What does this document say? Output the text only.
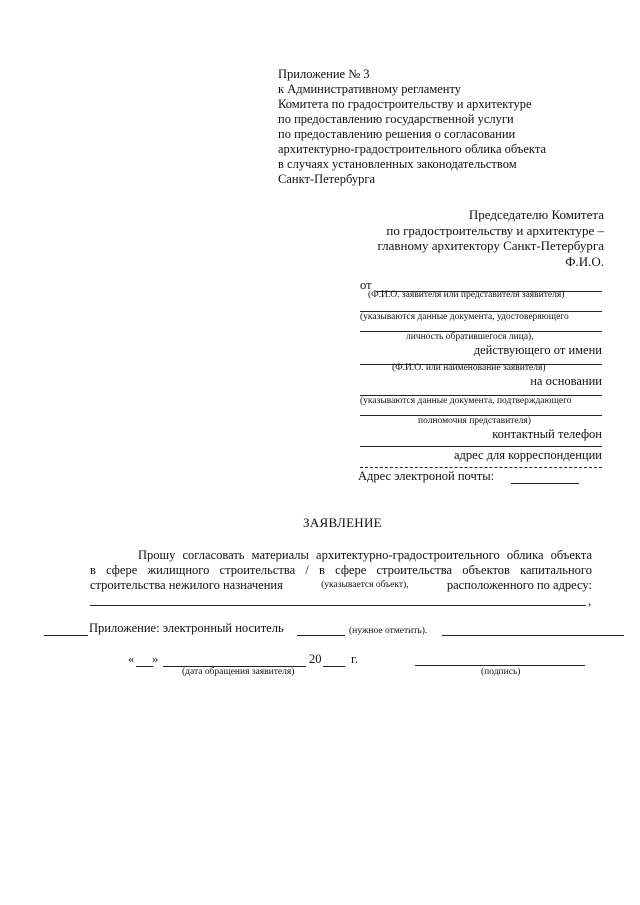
Приложение № 3
к Административному регламенту
Комитета по градостроительству и архитектуре
по предоставлению государственной услуги
по предоставлению решения о согласовании
архитектурно-градостроительного облика объекта
в случаях установленных законодательством
Санкт-Петербурга
Председателю Комитета
по градостроительству и архитектуре –
главному архитектору Санкт-Петербурга
Ф.И.О.
от
(Ф.И.О. заявителя или представителя заявителя)
(указываются данные документа, удостоверяющего
личность обратившегося лица),
действующего от имени
(Ф.И.О. или наименование заявителя)
на основании
(указываются данные документа, подтверждающего
полномочия представителя)
контактный телефон
адрес для корреспонденции
Адрес электроной почты:
ЗАЯВЛЕНИЕ
Прошу согласовать материалы архитектурно-градостроительного облика объекта
в сфере жилищного строительства / в сфере строительства объектов капитального
строительства нежилого назначения	(указывается объект),	расположенного по адресу:
,
Приложение: электронный носитель	(нужное отметить).
« »	20 г.
(дата обращения заявителя)	(подпись)
